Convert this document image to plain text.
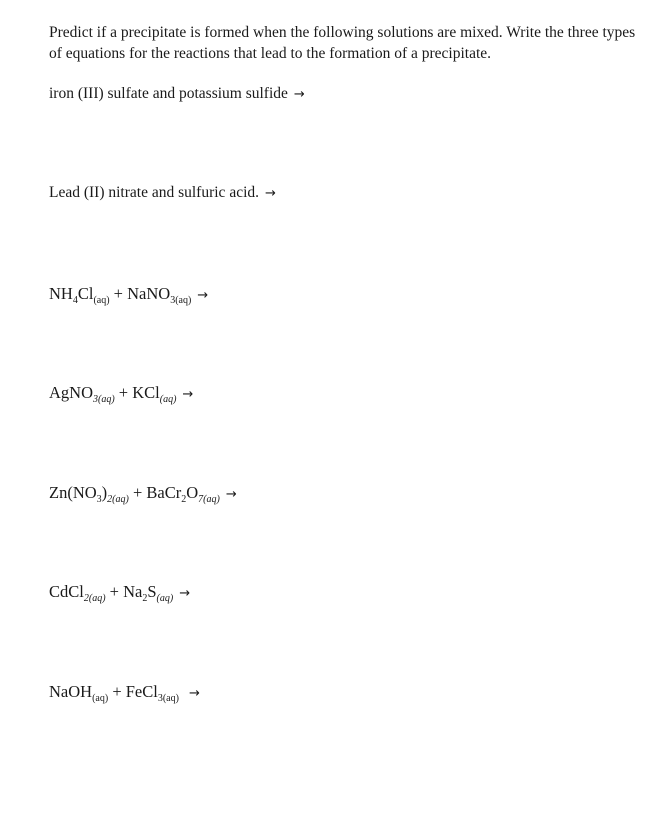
Predict if a precipitate is formed when the following solutions are mixed. Write the three types of equations for the reactions that lead to the formation of a precipitate.

iron (III) sulfate and potassium sulfide →
Lead (II) nitrate and sulfuric acid. →
$NH_4Cl_{(aq)}$ + NaNO$_{3(aq)}$ →
AgNO$_{3(aq)}$ + KCl$_{(aq)}$ →
$Zn(NO_3)_{2(aq)}$ + $BaCr_2O_{7(aq)}$ →
CdCl$_{2(aq)}$ + $Na_2S_{(aq)}$ →
NaOH$_{(aq)}$ + FeCl$_{3(aq)}$ →
